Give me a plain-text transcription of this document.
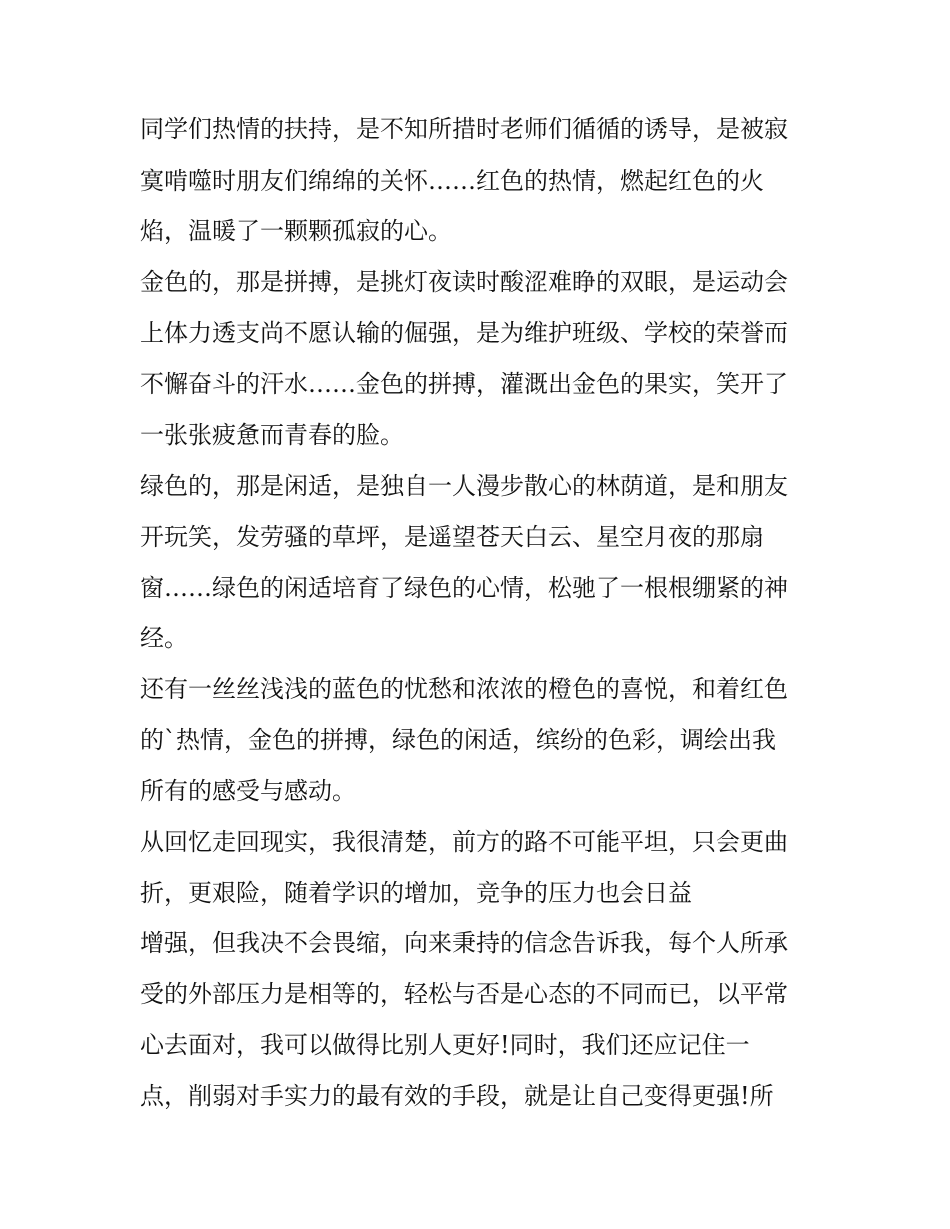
同学们热情的扶持，是不知所措时老师们循循的诱导，是被寂
寞啃噬时朋友们绵绵的关怀……红色的热情，燃起红色的火
焰，温暖了一颗颗孤寂的心。
金色的，那是拼搏，是挑灯夜读时酸涩难睁的双眼，是运动会
上体力透支尚不愿认输的倔强，是为维护班级、学校的荣誉而
不懈奋斗的汗水……金色的拼搏，灌溉出金色的果实，笑开了
一张张疲惫而青春的脸。
绿色的，那是闲适，是独自一人漫步散心的林荫道，是和朋友
开玩笑，发劳骚的草坪，是遥望苍天白云、星空月夜的那扇
窗……绿色的闲适培育了绿色的心情，松驰了一根根绷紧的神
经。
还有一丝丝浅浅的蓝色的忧愁和浓浓的橙色的喜悦，和着红色
的`热情，金色的拼搏，绿色的闲适，缤纷的色彩，调绘出我
所有的感受与感动。
从回忆走回现实，我很清楚，前方的路不可能平坦，只会更曲
折，更艰险，随着学识的增加，竞争的压力也会日益
增强，但我决不会畏缩，向来秉持的信念告诉我，每个人所承
受的外部压力是相等的，轻松与否是心态的不同而已，以平常
心去面对，我可以做得比别人更好!同时，我们还应记住一
点，削弱对手实力的最有效的手段，就是让自己变得更强!所
